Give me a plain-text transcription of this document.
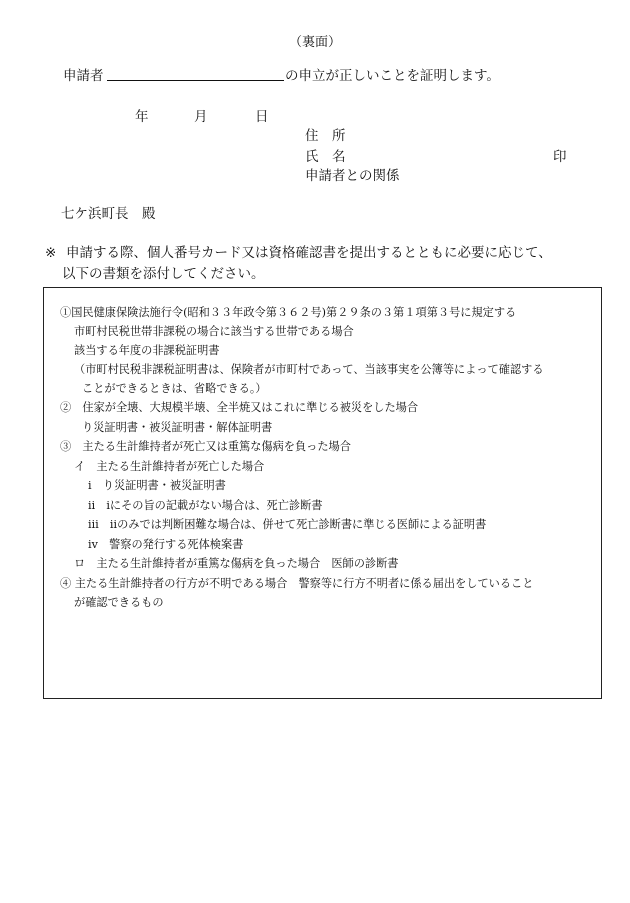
（裏面）
申請者	の申立が正しいことを証明します。
年	月	日
住　所
氏　名	印
申請者との関係
七ケ浜町長　殿
※ 申請する際、個人番号カード又は資格確認書を提出するとともに必要に応じて、
以下の書類を添付してください。
①国民健康保険法施行令(昭和３３年政令第３６２号)第２９条の３第１項第３号に規定する
市町村民税世帯非課税の場合に該当する世帯である場合
該当する年度の非課税証明書
（市町村民税非課税証明書は、保険者が市町村であって、当該事実を公簿等によって確認する
ことができるときは、省略できる。）
②　住家が全壊、大規模半壊、全半焼又はこれに準じる被災をした場合
り災証明書・被災証明書・解体証明書
③　主たる生計維持者が死亡又は重篤な傷病を負った場合
イ　主たる生計維持者が死亡した場合
ⅰ　り災証明書・被災証明書
ⅱ　ⅰにその旨の記載がない場合は、死亡診断書
ⅲ　ⅱのみでは判断困難な場合は、併せて死亡診断書に準じる医師による証明書
ⅳ　警察の発行する死体検案書
ロ　主たる生計維持者が重篤な傷病を負った場合　医師の診断書
④ 主たる生計維持者の行方が不明である場合　警察等に行方不明者に係る届出をしていること
が確認できるもの
